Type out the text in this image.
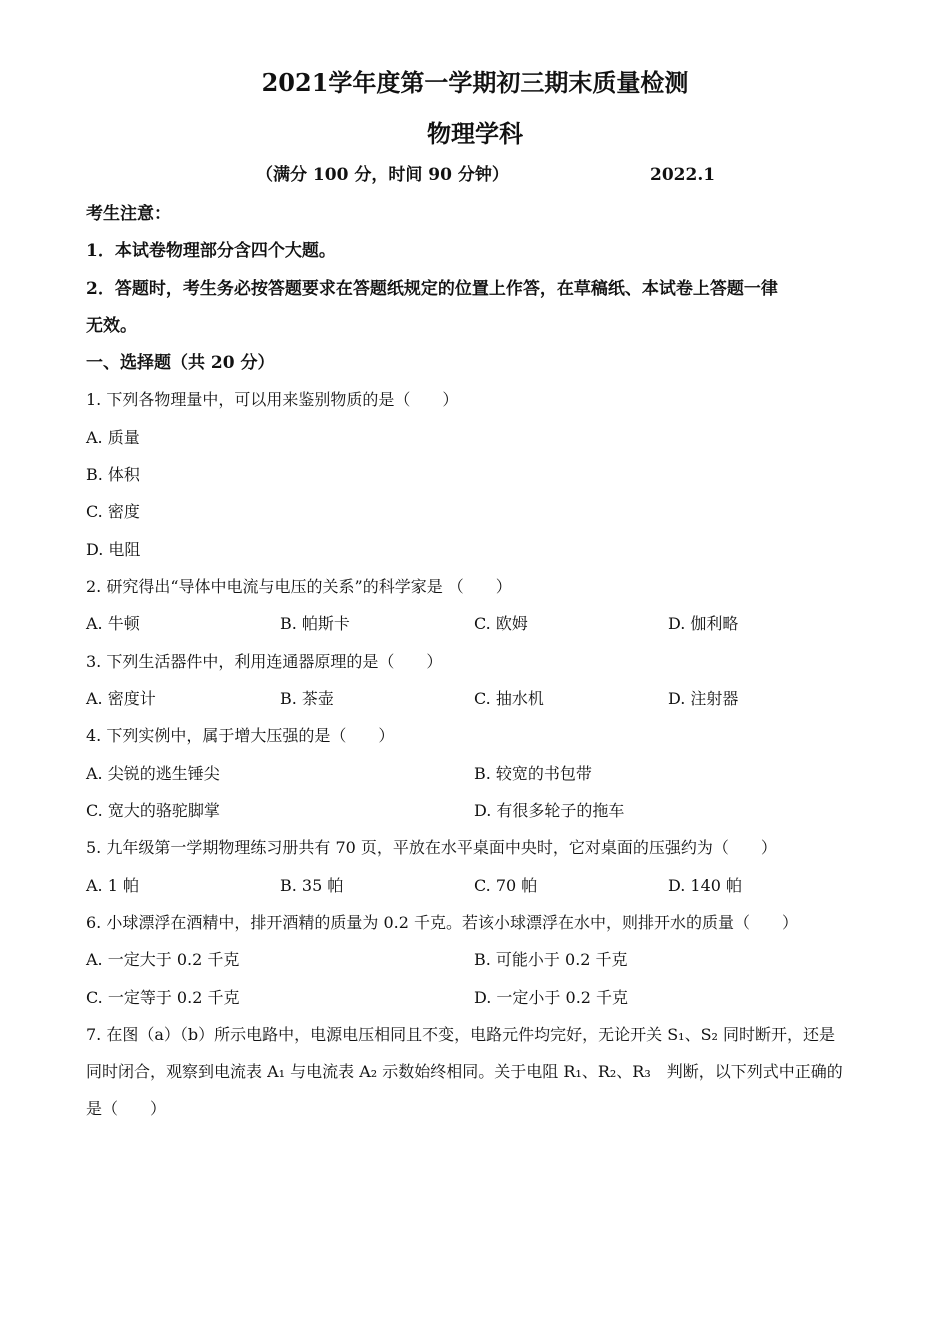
2021学年度第一学期初三期末质量检测
物理学科
（满分 100 分，时间 90 分钟）	2022.1
考生注意：
1．本试卷物理部分含四个大题。
2．答题时，考生务必按答题要求在答题纸规定的位置上作答，在草稿纸、本试卷上答题一律
无效。
一、选择题（共 20 分）
1. 下列各物理量中，可以用来鉴别物质的是（　　）
A. 质量
B. 体积
C. 密度
D. 电阻
2. 研究得出“导体中电流与电压的关系”的科学家是 （　　）
A. 牛顿	B. 帕斯卡	C. 欧姆	D. 伽利略
3. 下列生活器件中，利用连通器原理的是（　　）
A. 密度计	B. 茶壶	C. 抽水机	D. 注射器
4. 下列实例中，属于增大压强的是（　　）
A. 尖锐的逃生锤尖	B. 较宽的书包带
C. 宽大的骆驼脚掌	D. 有很多轮子的拖车
5. 九年级第一学期物理练习册共有 70 页，平放在水平桌面中央时，它对桌面的压强约为（　　）
A. 1 帕	B. 35 帕	C. 70 帕	D. 140 帕
6. 小球漂浮在酒精中，排开酒精的质量为 0.2 千克。若该小球漂浮在水中，则排开水的质量（　　）
A. 一定大于 0.2 千克	B. 可能小于 0.2 千克
C. 一定等于 0.2 千克	D. 一定小于 0.2 千克
7. 在图（a）（b）所示电路中，电源电压相同且不变，电路元件均完好，无论开关 S₁、S₂ 同时断开，还是
同时闭合，观察到电流表 A₁ 与电流表 A₂ 示数始终相同。关于电阻 R₁、R₂、R₃　判断，以下列式中正确的
是（　　）
